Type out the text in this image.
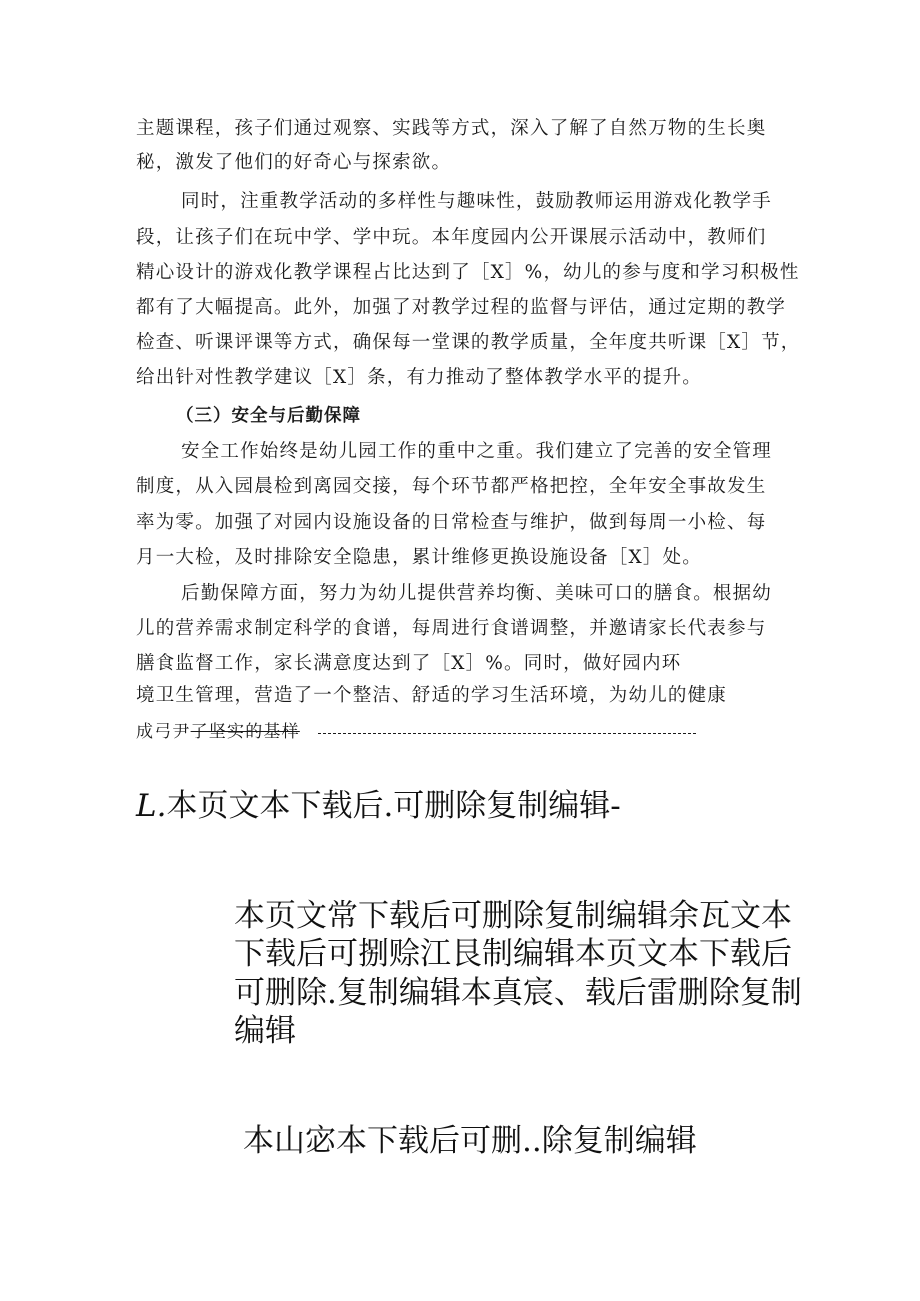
主题课程，孩子们通过观察、实践等方式，深入了解了自然万物的生长奥
秘，激发了他们的好奇心与探索欲。
同时，注重教学活动的多样性与趣味性，鼓励教师运用游戏化教学手
段，让孩子们在玩中学、学中玩。本年度园内公开课展示活动中，教师们
精心设计的游戏化教学课程占比达到了［X］%，幼儿的参与度和学习积极性
都有了大幅提高。此外，加强了对教学过程的监督与评估，通过定期的教学
检查、听课评课等方式，确保每一堂课的教学质量，全年度共听课［X］节，
给出针对性教学建议［X］条，有力推动了整体教学水平的提升。
（三）安全与后勤保障
安全工作始终是幼儿园工作的重中之重。我们建立了完善的安全管理
制度，从入园晨检到离园交接，每个环节都严格把控，全年安全事故发生
率为零。加强了对园内设施设备的日常检查与维护，做到每周一小检、每
月一大检，及时排除安全隐患，累计维修更换设施设备［X］处。
后勤保障方面，努力为幼儿提供营养均衡、美味可口的膳食。根据幼
儿的营养需求制定科学的食谱，每周进行食谱调整，并邀请家长代表参与
膳食监督工作，家长满意度达到了［X］%。同时，做好园内环
境卫生管理，营造了一个整洁、舒适的学习生活环境，为幼儿的健康
成弓尹了坚实的基样
L.本页文本下载后.可删除复制编辑-
本页文常下载后可删除复制编辑余瓦文本
下载后可捌赊江艮制编辑本页文本下载后
可删除.复制编辑本真宸、载后雷删除复制
编辑
本山宓本下载后可删..除复制编辑
